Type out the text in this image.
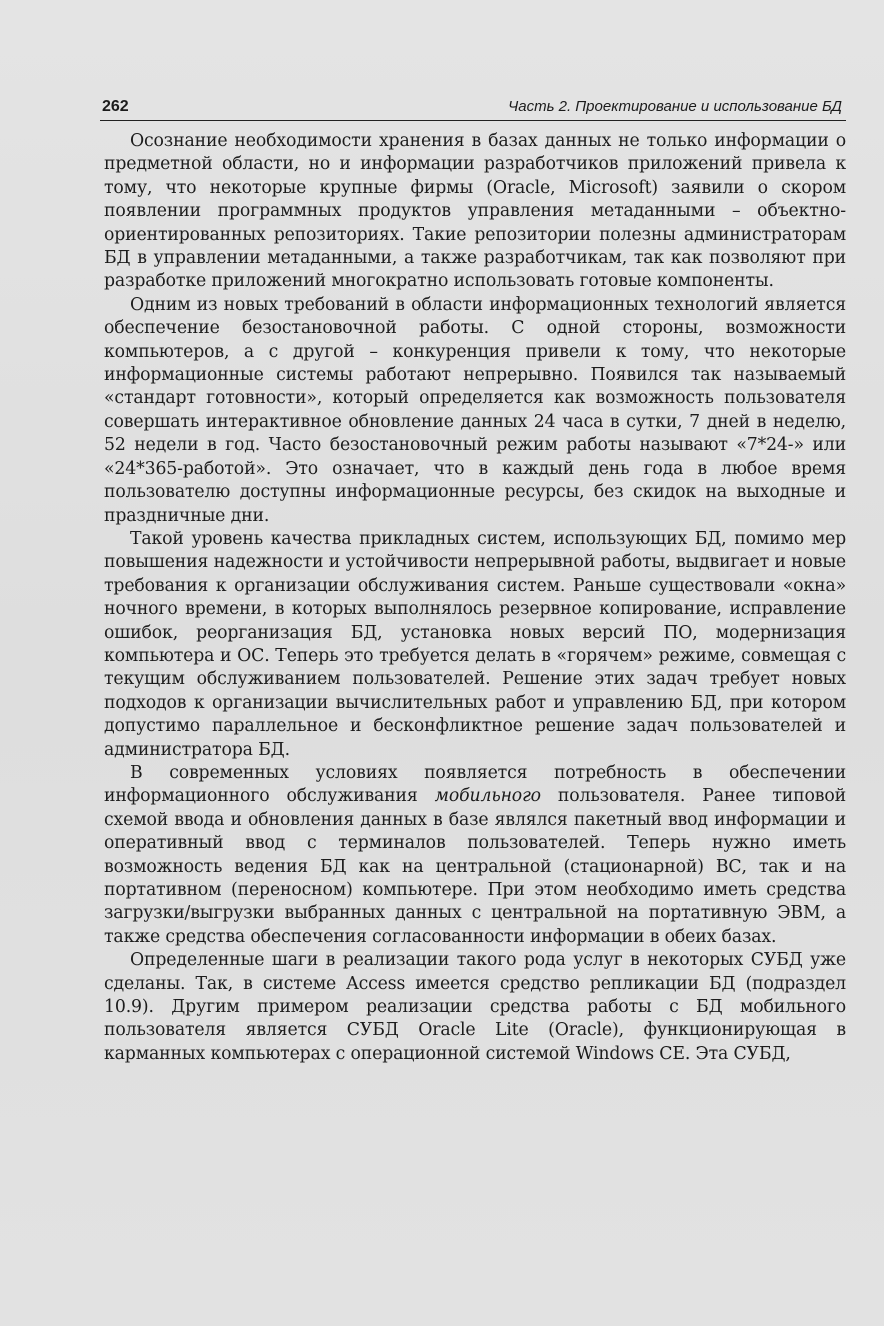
262	Часть 2. Проектирование и использование БД

Осознание необходимости хранения в базах данных не только информации о предметной области, но и информации разработчиков приложений привела к тому, что некоторые крупные фирмы (Oracle, Microsoft) заявили о скором появлении программных продуктов управления метаданными – объектно-ориентированных репозиториях. Такие репозитории полезны администраторам БД в управлении метаданными, а также разработчикам, так как позволяют при разработке приложений многократно использовать готовые компоненты.

Одним из новых требований в области информационных технологий является обеспечение безостановочной работы. С одной стороны, возможности компьютеров, а с другой – конкуренция привели к тому, что некоторые информационные системы работают непрерывно. Появился так называемый «стандарт готовности», который определяется как возможность пользователя совершать интерактивное обновление данных 24 часа в сутки, 7 дней в неделю, 52 недели в год. Часто безостановочный режим работы называют «7*24-» или «24*365-работой». Это означает, что в каждый день года в любое время пользователю доступны информационные ресурсы, без скидок на выходные и праздничные дни.

Такой уровень качества прикладных систем, использующих БД, помимо мер повышения надежности и устойчивости непрерывной работы, выдвигает и новые требования к организации обслуживания систем. Раньше существовали «окна» ночного времени, в которых выполнялось резервное копирование, исправление ошибок, реорганизация БД, установка новых версий ПО, модернизация компьютера и ОС. Теперь это требуется делать в «горячем» режиме, совмещая с текущим обслуживанием пользователей. Решение этих задач требует новых подходов к организации вычислительных работ и управлению БД, при котором допустимо параллельное и бесконфликтное решение задач пользователей и администратора БД.

В современных условиях появляется потребность в обеспечении информационного обслуживания мобильного пользователя. Ранее типовой схемой ввода и обновления данных в базе являлся пакетный ввод информации и оперативный ввод с терминалов пользователей. Теперь нужно иметь возможность ведения БД как на центральной (стационарной) ВС, так и на портативном (переносном) компьютере. При этом необходимо иметь средства загрузки/выгрузки выбранных данных с центральной на портативную ЭВМ, а также средства обеспечения согласованности информации в обеих базах.

Определенные шаги в реализации такого рода услуг в некоторых СУБД уже сделаны. Так, в системе Access имеется средство репликации БД (подраздел 10.9). Другим примером реализации средства работы с БД мобильного пользователя является СУБД Oracle Lite (Oracle), функционирующая в карманных компьютерах с операционной системой Windows CE. Эта СУБД,
